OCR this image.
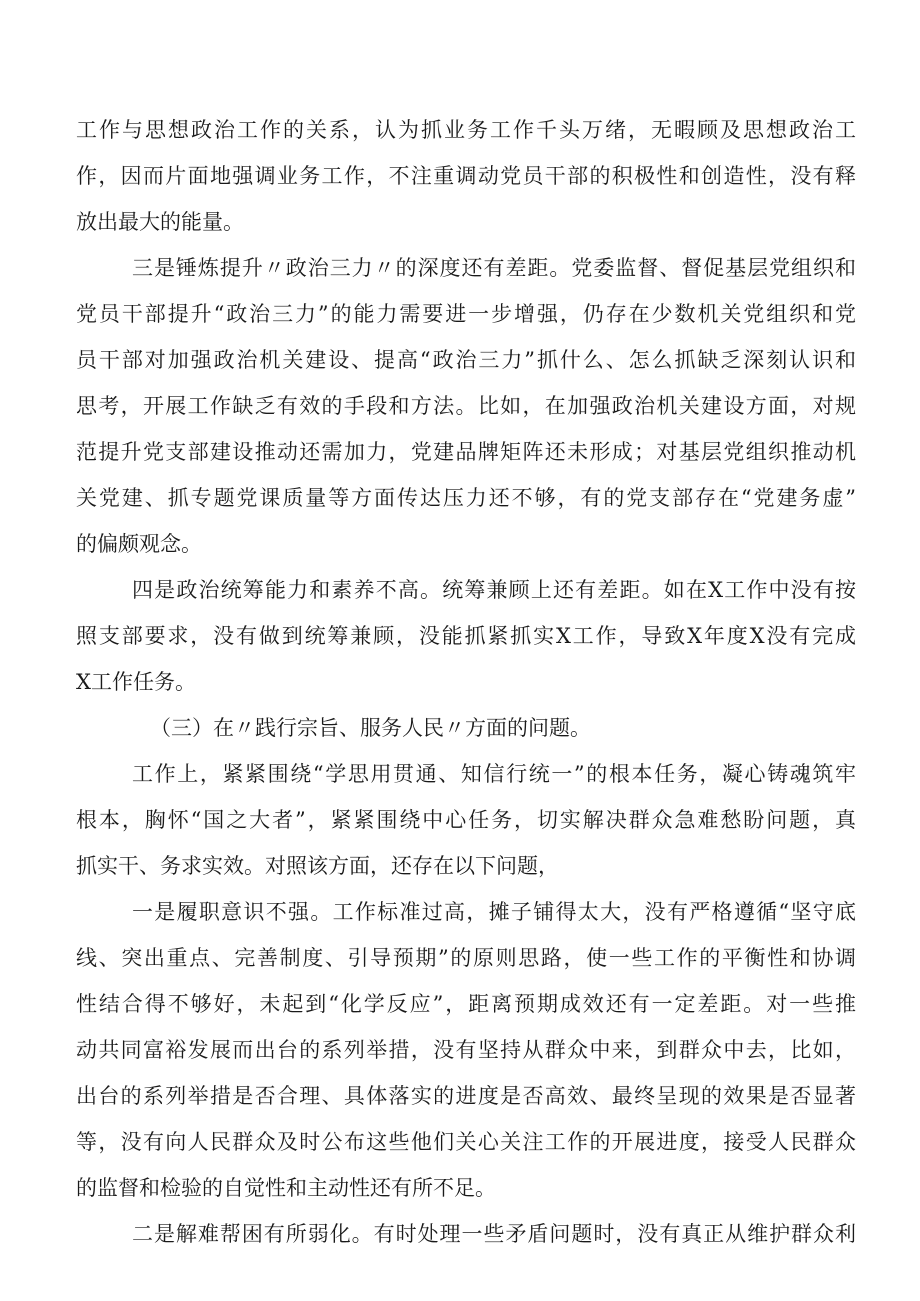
工作与思想政治工作的关系，认为抓业务工作千头万绪，无暇顾及思想政治工
作，因而片面地强调业务工作，不注重调动党员干部的积极性和创造性，没有释
放出最大的能量。
三是锤炼提升〃政治三力〃的深度还有差距。党委监督、督促基层党组织和
党员干部提升“政治三力”的能力需要进一步增强，仍存在少数机关党组织和党
员干部对加强政治机关建设、提高“政治三力”抓什么、怎么抓缺乏深刻认识和
思考，开展工作缺乏有效的手段和方法。比如，在加强政治机关建设方面，对规
范提升党支部建设推动还需加力，党建品牌矩阵还未形成；对基层党组织推动机
关党建、抓专题党课质量等方面传达压力还不够，有的党支部存在“党建务虚”
的偏颇观念。
四是政治统筹能力和素养不高。统筹兼顾上还有差距。如在X工作中没有按
照支部要求，没有做到统筹兼顾，没能抓紧抓实X工作，导致X年度X没有完成
X工作任务。
（三）在〃践行宗旨、服务人民〃方面的问题。
工作上，紧紧围绕“学思用贯通、知信行统一”的根本任务，凝心铸魂筑牢
根本，胸怀“国之大者”，紧紧围绕中心任务，切实解决群众急难愁盼问题，真
抓实干、务求实效。对照该方面，还存在以下问题，
一是履职意识不强。工作标准过高，摊子铺得太大，没有严格遵循“坚守底
线、突出重点、完善制度、引导预期”的原则思路，使一些工作的平衡性和协调
性结合得不够好，未起到“化学反应”，距离预期成效还有一定差距。对一些推
动共同富裕发展而出台的系列举措，没有坚持从群众中来，到群众中去，比如，
出台的系列举措是否合理、具体落实的进度是否高效、最终呈现的效果是否显著
等，没有向人民群众及时公布这些他们关心关注工作的开展进度，接受人民群众
的监督和检验的自觉性和主动性还有所不足。
二是解难帮困有所弱化。有时处理一些矛盾问题时，没有真正从维护群众利
